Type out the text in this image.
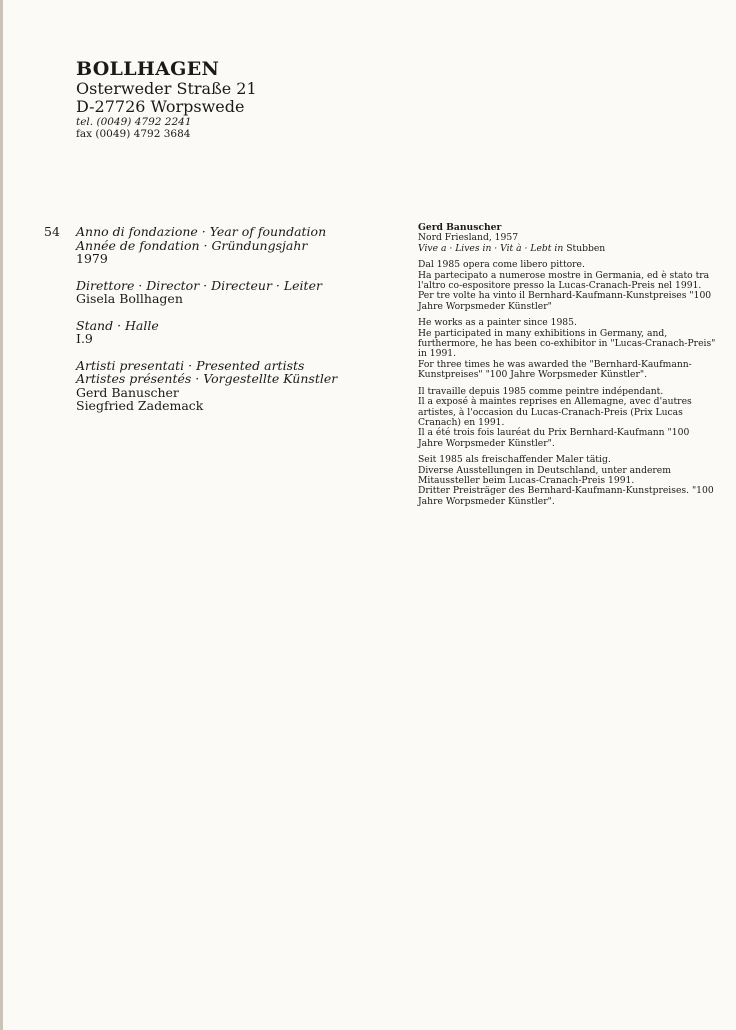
BOLLHAGEN
Osterweder Straße 21
D-27726 Worpswede
tel. (0049) 4792 2241
fax (0049) 4792 3684
54 Anno di fondazione · Year of foundation
Année de fondation · Gründungsjahr
1979
Direttore · Director · Directeur · Leiter
Gisela Bollhagen
Stand · Halle
I.9
Artisti presentati · Presented artists
Artistes présentés · Vorgestellte Künstler
Gerd Banuscher
Siegfried Zademack
Gerd Banuscher
Nord Friesland, 1957
Vive a · Lives in · Vit à · Lebt in Stubben
Dal 1985 opera come libero pittore.
Ha partecipato a numerose mostre in Germania, ed è stato tra
l'altro co-espositore presso la Lucas-Cranach-Preis nel 1991.
Per tre volte ha vinto il Bernhard-Kaufmann-Kunstpreises "100
Jahre Worpsmeder Künstler"
He works as a painter since 1985.
He participated in many exhibitions in Germany, and,
furthermore, he has been co-exhibitor in "Lucas-Cranach-Preis"
in 1991.
For three times he was awarded the "Bernhard-Kaufmann-
Kunstpreises" "100 Jahre Worpsmeder Künstler".
Il travaille depuis 1985 comme peintre indépendant.
Il a exposé à maintes reprises en Allemagne, avec d'autres
artistes, à l'occasion du Lucas-Cranach-Preis (Prix Lucas
Cranach) en 1991.
Il a été trois fois lauréat du Prix Bernhard-Kaufmann "100
Jahre Worpsmeder Künstler".
Seit 1985 als freischaffender Maler tätig.
Diverse Ausstellungen in Deutschland, unter anderem
Mitaussteller beim Lucas-Cranach-Preis 1991.
Dritter Preisträger des Bernhard-Kaufmann-Kunstpreises. "100
Jahre Worpsmeder Künstler".
